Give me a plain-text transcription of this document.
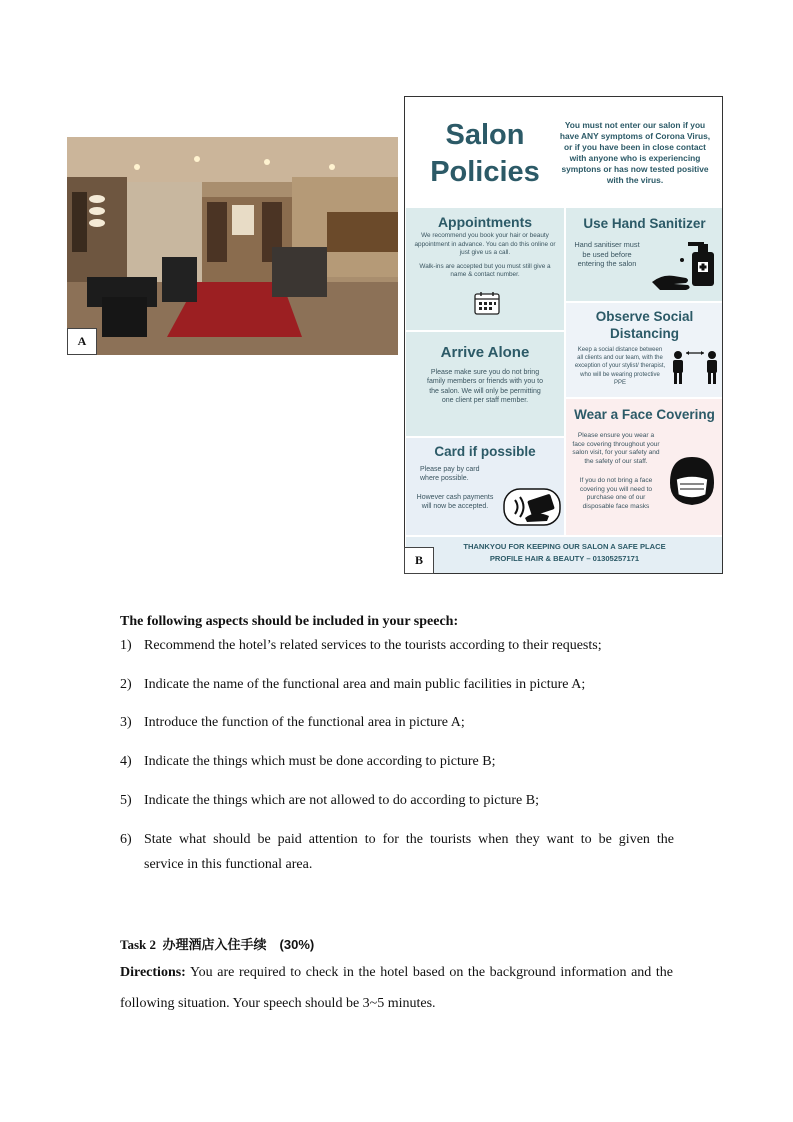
A
Salon
Policies
You must not enter our salon if you have ANY symptoms of Corona Virus, or if you have been in close contact with anyone who is experiencing symptons or has now tested positive with the virus.
Appointments

We recommend you book your hair or beauty appointment in advance. You can do this online or just give us a call.

Walk-ins are accepted but you must still give a name & contact number.

Use Hand Sanitizer

Hand sanitiser must be used before entering the salon

Observe Social
Distancing

Keep a social distance between all clients and our team, with the exception of your stylist/ therapist, who will be wearing protective PPE

Arrive Alone

Please make sure you do not bring family members or friends with you to the salon. We will only be permitting one client per staff member.

Wear a Face Covering

Please ensure you wear a face covering throughout your salon visit, for your safety and the safety of our staff.

If you do not bring a face covering you will need to purchase one of our disposable face masks

Card if possible

Please pay by card where possible.

However cash payments will now be accepted.

THANKYOU FOR KEEPING OUR SALON A SAFE PLACE
PROFILE HAIR & BEAUTY – 01305257171
B
The following aspects should be included in your speech:
1) Recommend the hotel’s related services to the tourists according to their requests;
2) Indicate the name of the functional area and main public facilities in picture A;
3) Introduce the function of the functional area in picture A;
4) Indicate the things which must be done according to picture B;
5) Indicate the things which are not allowed to do according to picture B;
6) State what should be paid attention to for the tourists when they want to be given the
service in this functional area.
Task 2 办理酒店入住手续 (30%)
Directions: You are required to check in the hotel based on the background information and the
following situation. Your speech should be 3~5 minutes.
